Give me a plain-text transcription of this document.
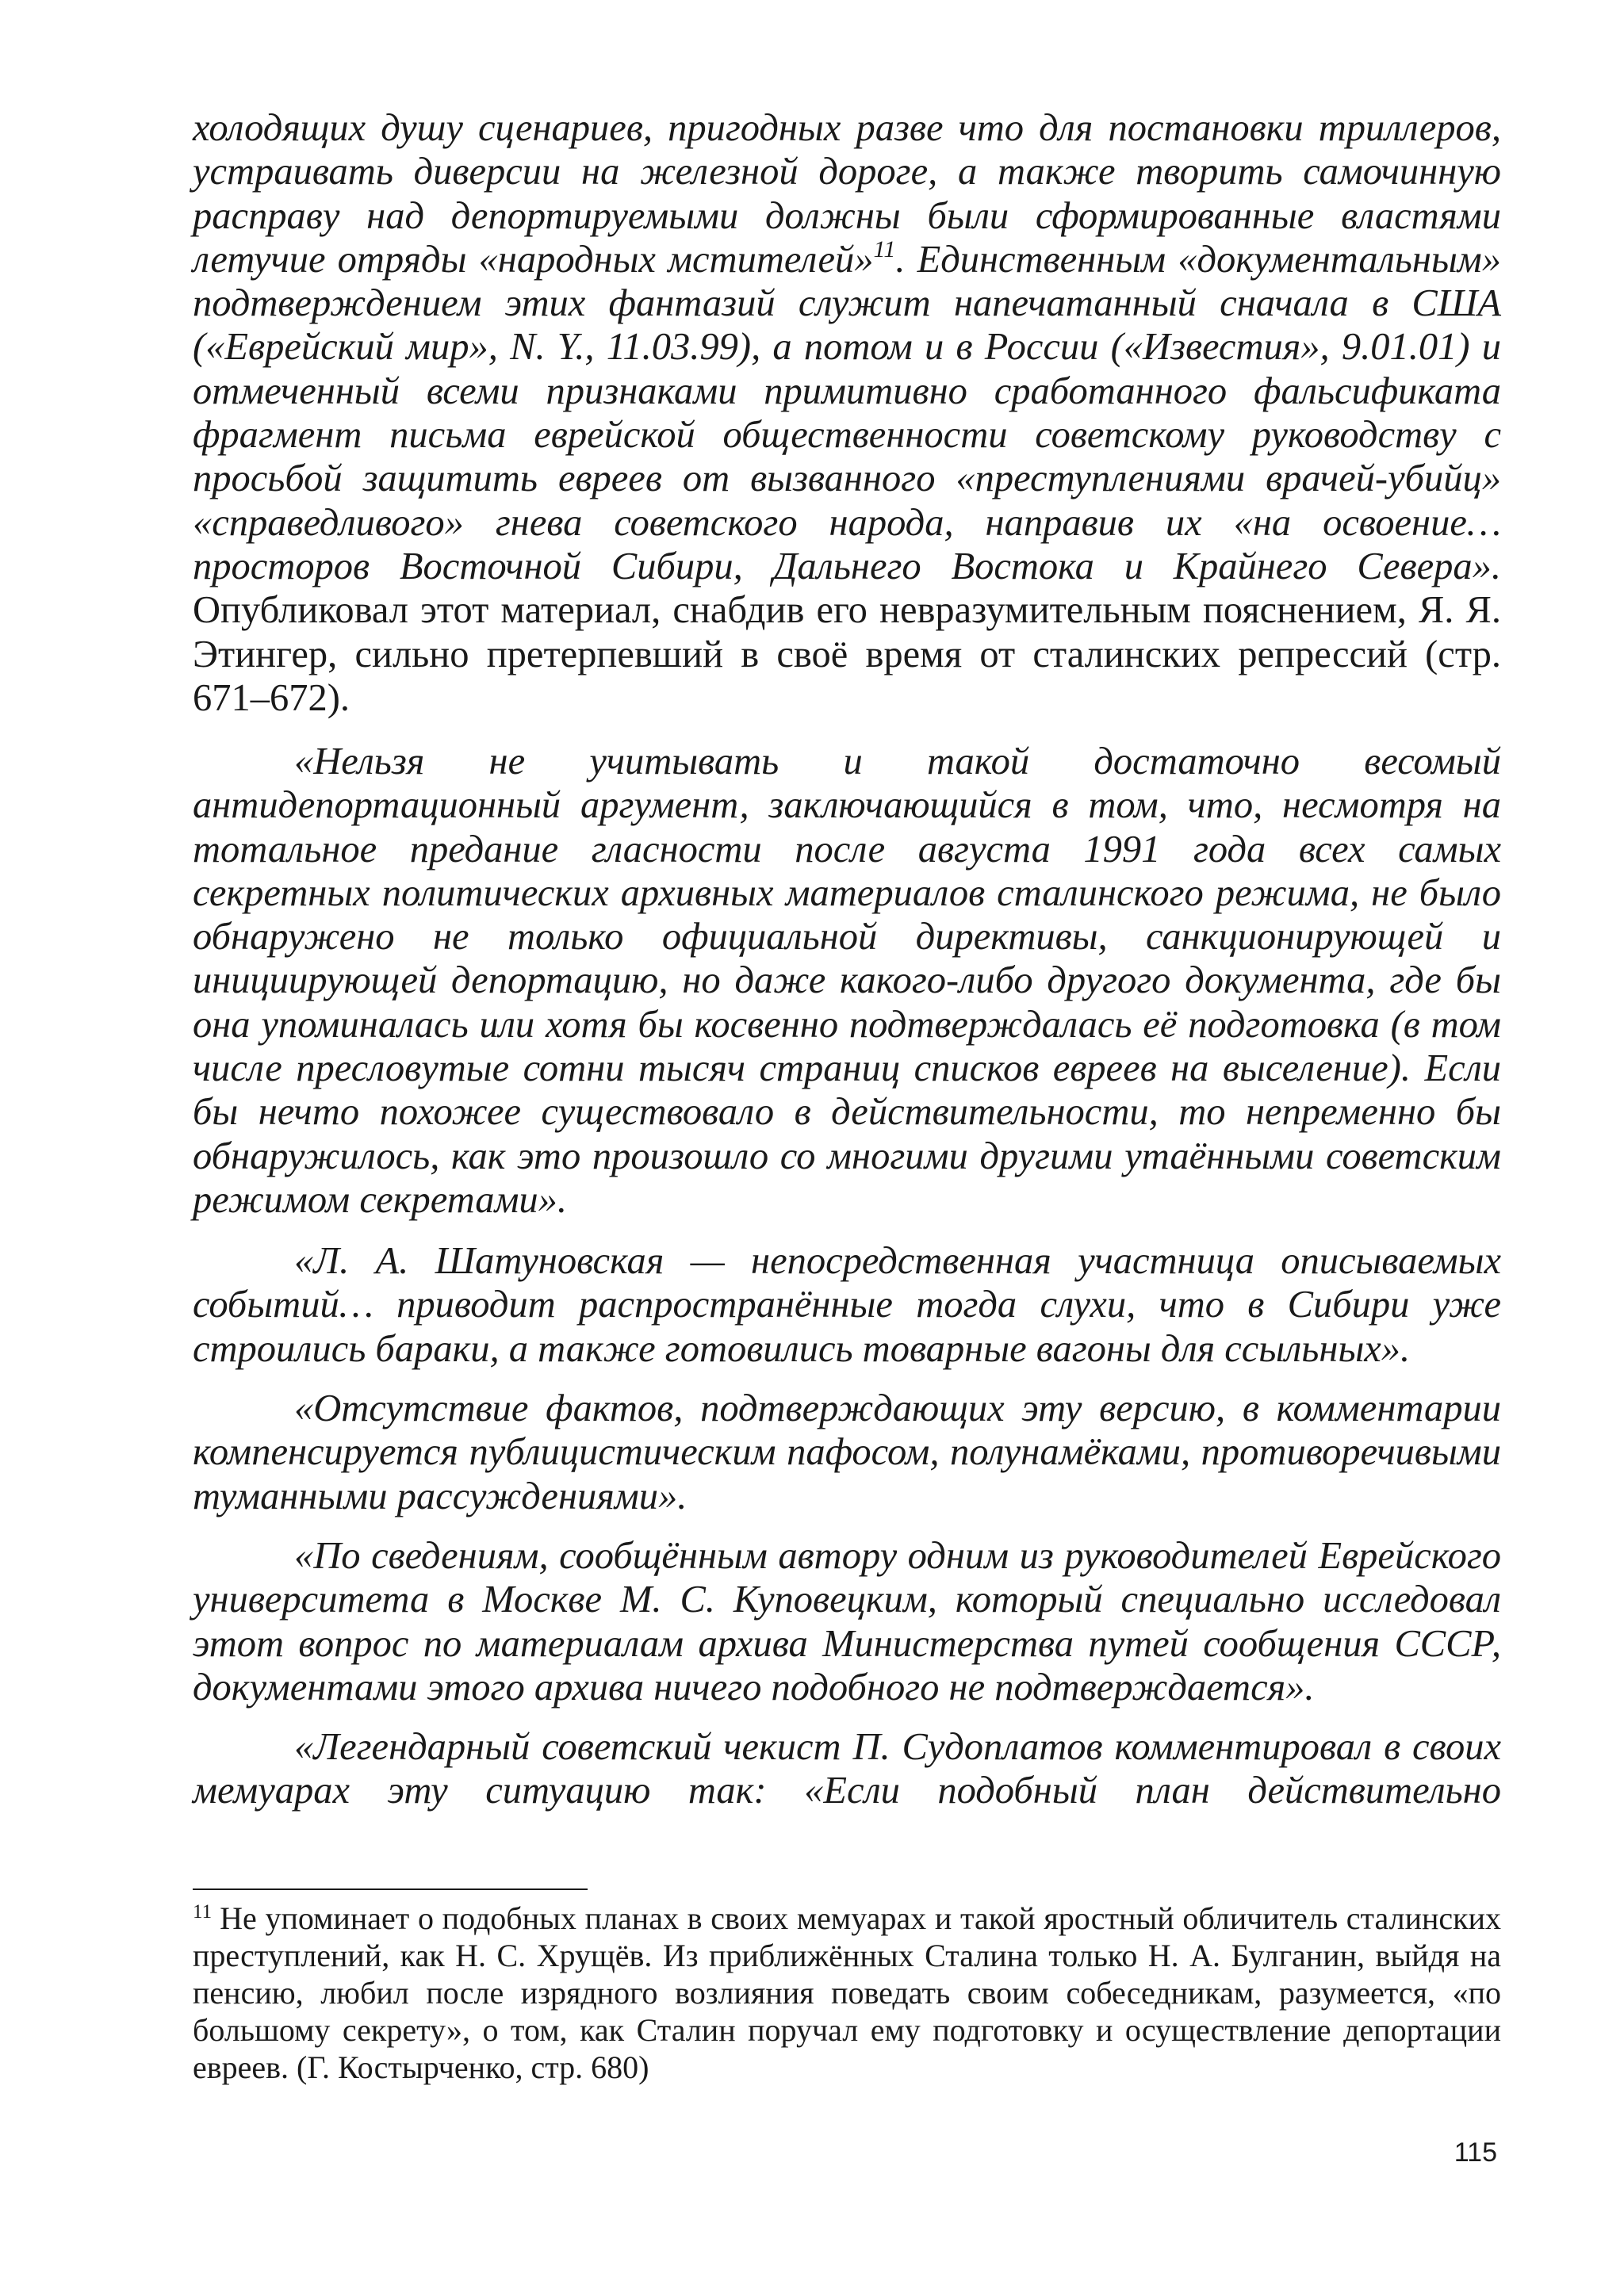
холодящих душу сценариев, пригодных разве что для постановки триллеров, устраивать диверсии на железной дороге, а также творить самочинную расправу над депортируемыми должны были сформированные властями летучие отряды «народных мстителей»$^{11}$. Единственным «документальным» подтверждением этих фантазий служит напечатанный сначала в США («Еврейский мир», N. Y., 11.03.99), а потом и в России («Известия», 9.01.01) и отмеченный всеми признаками примитивно сработанного фальсификата фрагмент письма еврейской общественности советскому руководству с просьбой защитить евреев от вызванного «преступлениями врачей-убийц» «справедливого» гнева советского народа, направив их «на освоение… просторов Восточной Сибири, Дальнего Востока и Крайнего Севера». Опубликовал этот материал, снабдив его невразумительным пояснением, Я. Я. Этингер, сильно претерпевший в своё время от сталинских репрессий (стр. 671–672).

«Нельзя не учитывать и такой достаточно весомый антидепортационный аргумент, заключающийся в том, что, несмотря на тотальное предание гласности после августа 1991 года всех самых секретных политических архивных материалов сталинского режима, не было обнаружено не только официальной директивы, санкционирующей и инициирующей депортацию, но даже какого-либо другого документа, где бы она упоминалась или хотя бы косвенно подтверждалась её подготовка (в том числе пресловутые сотни тысяч страниц списков евреев на выселение). Если бы нечто похожее существовало в действительности, то непременно бы обнаружилось, как это произошло со многими другими утаёнными советским режимом секретами».

«Л. А. Шатуновская — непосредственная участница описываемых событий… приводит распространённые тогда слухи, что в Сибири уже строились бараки, а также готовились товарные вагоны для ссыльных».

«Отсутствие фактов, подтверждающих эту версию, в комментарии компенсируется публицистическим пафосом, полунамёками, противоречивыми туманными рассуждениями».

«По сведениям, сообщённым автору одним из руководителей Еврейского университета в Москве М. С. Куповецким, который специально исследовал этот вопрос по материалам архива Министерства путей сообщения СССР, документами этого архива ничего подобного не подтверждается».

«Легендарный советский чекист П. Судоплатов комментировал в своих мемуарах эту ситуацию так: «Если подобный план действительно

$^{11}$ Не упоминает о подобных планах в своих мемуарах и такой яростный обличитель сталинских преступлений, как Н. С. Хрущёв. Из приближённых Сталина только Н. А. Булганин, выйдя на пенсию, любил после изрядного возлияния поведать своим собеседникам, разумеется, «по большому секрету», о том, как Сталин поручал ему подготовку и осуществление депортации евреев. (Г. Костырченко, стр. 680)

115
